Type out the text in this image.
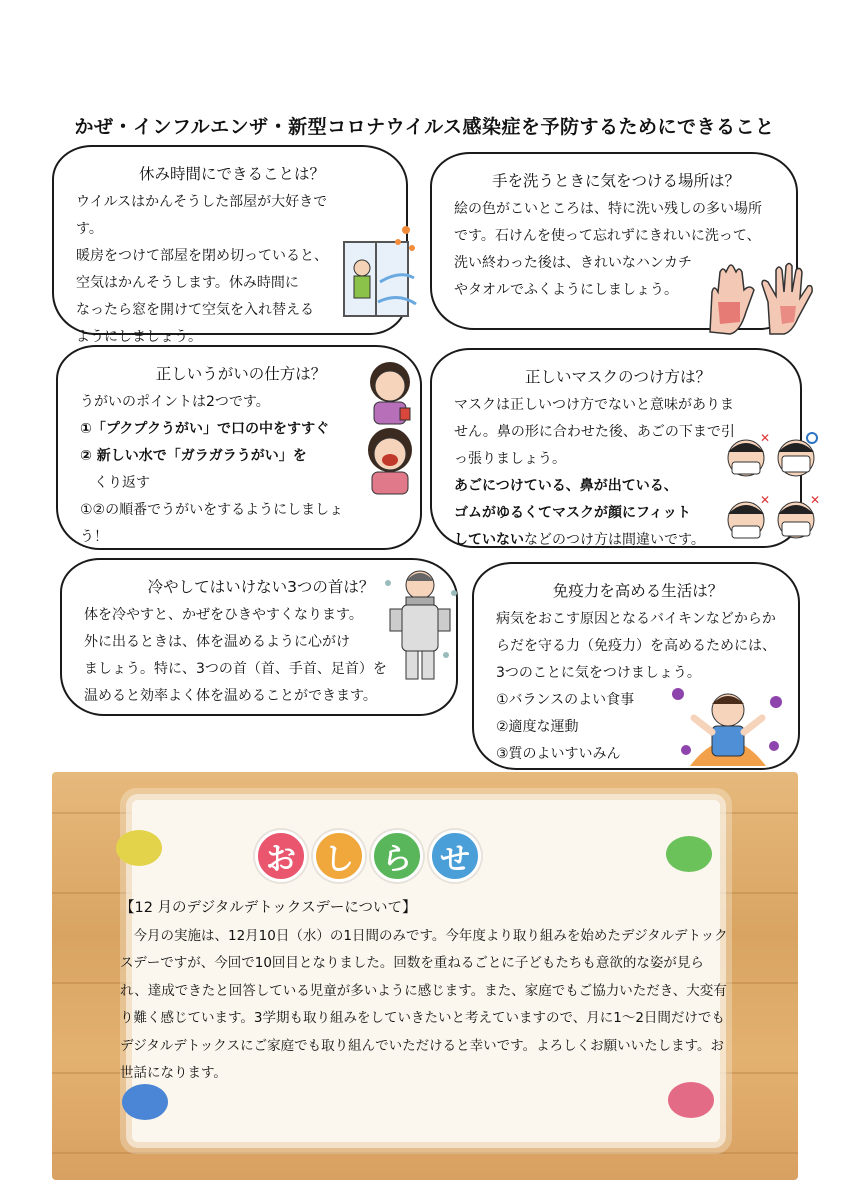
かぜ・インフルエンザ・新型コロナウイルス感染症を予防するためにできること
休み時間にできることは？

ウイルスはかんそうした部屋が大好きです。

暖房をつけて部屋を閉め切っていると、

空気はかんそうします。休み時間に

なったら窓を開けて空気を入れ替える

ようにしましょう。

手を洗うときに気をつける場所は？

絵の色がこいところは、特に洗い残しの多い場所

です。石けんを使って忘れずにきれいに洗って、

洗い終わった後は、きれいなハンカチ

やタオルでふくようにしましょう。

正しいうがいの仕方は？

うがいのポイントは2つです。

①「プクプクうがい」で口の中をすすぐ

② 新しい水で「ガラガラうがい」を

　くり返す

①②の順番でうがいをするようにしましょう！

正しいマスクのつけ方は？

マスクは正しいつけ方でないと意味がありま

せん。鼻の形に合わせた後、あごの下まで引

っ張りましょう。

あごにつけている、鼻が出ている、

ゴムがゆるくてマスクが顔にフィット

していないなどのつけ方は間違いです。

✕
✕	✕
冷やしてはいけない3つの首は？

体を冷やすと、かぜをひきやすくなります。

外に出るときは、体を温めるように心がけ

ましょう。特に、3つの首（首、手首、足首）を

温めると効率よく体を温めることができます。

免疫力を高める生活は？

病気をおこす原因となるバイキンなどからか

らだを守る力（免疫力）を高めるためには、

3つのことに気をつけましょう。

①バランスのよい食事

②適度な運動

③質のよいすいみん

お し ら せ
【12 月のデジタルデトックスデーについて】
今月の実施は、12月10日（水）の1日間のみです。今年度より取り組みを始めたデジタルデトックスデーですが、今回で10回目となりました。回数を重ねるごとに子どもたちも意欲的な姿が見られ、達成できたと回答している児童が多いように感じます。また、家庭でもご協力いただき、大変有り難く感じています。3学期も取り組みをしていきたいと考えていますので、月に1～2日間だけでもデジタルデトックスにご家庭でも取り組んでいただけると幸いです。よろしくお願いいたします。お世話になります。
